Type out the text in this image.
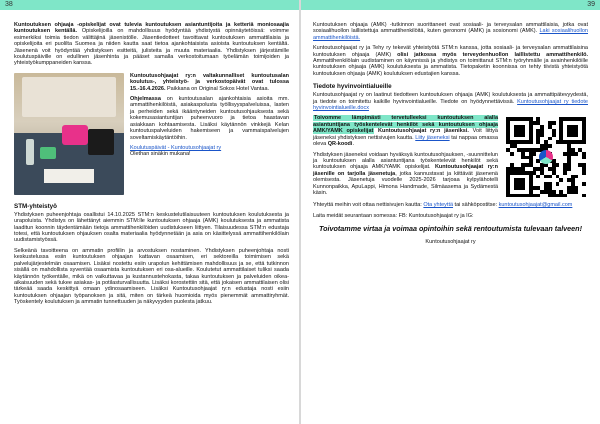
38

Kuntoutuksen ohjaaja -opiskelijat ovat tulevia kuntoutuksen asiantuntijoita ja ketteriä moniosaajia kuntoutuksen kentällä. Opiskelijoilla on mahdollisuus hyödyntää yhdistystä opinnäytetöissä: voimme esimerkiksi toimia tiedon välittäjinä jäsenistölle. Jäsentiedotteet tavoittavat kuntoutuksen ammattilaisia ja opiskelijoita eri puolilta Suomea ja niiden kautta saat tietoa ajankohtaisista asioista kuntoutuksen kentältä. Jäsenenä voit hyödyntää yhdistyksen esitteitä, julisteita ja muuta materiaalia. Yhdistyksen järjestämille koulutuspäiville on edullinen jäsenhinta ja pääset samalla verkostoitumaan työelämän toimijoiden ja yhteistyökumppaneiden kanssa.

Kuntoutusohjaajat ry:n valtakunnalliset kuntoutusalan koulutus-, yhteistyö- ja verkostopäivät ovat tulossa 15.-16.4.2026. Paikkana on Original Sokos Hotel Vantaa.

Ohjelmassa on kuntoutusalan ajankohtaisia asioita mm. ammattihenkilöistä, asiakaspolusta työllisyyspalveluissa, lasten ja perheiden sekä ikääntyneiden kuntoutusohjauksesta sekä kokemusasiantuntijan puheenvuoro ja tietoa haastavan asiakkaan kohtaamisesta. Lisäksi käytännön vinkkejä Kelan kuntoutuspalveluiden hakemiseen ja vammaispalvelujen soveltamiskäytäntöihin.

Koulutuspäivät - Kuntoutusohjaajat ry
Olethan sinäkin mukana!
STM-yhteistyö

Yhdistyksen puheenjohtaja osallistui 14.10.2025 STM:n keskustelutilaisuuteen kuntoutuksen koulutuksesta ja urapoluista. Yhdistys on lähettänyt aiemmin STM:lle kuntoutuksen ohjaaja (AMK) koulutuksesta ja ammatista laaditun koonnin täydentämään tietoja ammattihenkilöiden uudistukseen liittyen. Tilaisuudessa STM:n edustaja totesi, että kuntoutuksen ohjauksen osalta materiaalia hyödynnetään ja asia on käsittelyssä ammattihenkilölain uudistamistyössä.

Selkeänä tavoitteena on ammatin profiilin ja arvostuksen nostaminen. Yhdistyksen puheenjohtaja nosti keskustelussa esiin kuntoutuksen ohjaajan kattavan osaamisen, eri sektoreilla toimimisen sekä palvelujärjestelmän osaamisen. Lisäksi nostettu esiin urapolun kehittämisen mahdollisuus ja se, että tutkinnon sisällä on mahdollista syventää osaamista kuntoutuksen eri osa-alueille. Koulutetut ammattilaiset tuliksi saada käytännön työkentälle, mikä on vaikuttavaa ja kustannustehokasta, takaa kuntoutuksen ja palveluiden oikea-aikaisuuden sekä tukee asiakas- ja potilasturvallisuutta. Lisäksi korostettiin sitä, että jokaisen ammattilaisen olisi tärkeää saada keskittyä omaan ydinosaamiseen. Lisäksi Kuntoutusohjaajat ry:n edustaja nosti esiin kuntoutuksen ohjaajan työpanoksen ja sitä, miten on tärkeä huomioida myös pienemmät ammattiryhmät. Työskentely koulutuksen ja ammatin tunnettuuden ja näkyvyyden puolesta jatkuu.

39

Kuntoutuksen ohjaaja (AMK) -tutkinnon suorittaneet ovat sosiaali- ja terveysalan ammattilaisia, jotka ovat sosiaalihuollon laillistettuja ammattihenkilöitä, kuten geronomi (AMK) ja sosionomi (AMK). Laki sosiaalihuollon ammattihenkilöistä.

Kuntoutusohjaajat ry ja Tehy ry tekevät yhteistyötä STM:n kanssa, jotta sosiaali- ja terveysalan ammattilaisina kuntoutuksen ohjaaja (AMK) olisi jatkossa myös terveydenhuollon laillistettu ammattihenkilö. Ammattihenkilölain uudistaminen on käynnissä ja yhdistys on toimittanut STM:n työryhmälle ja avainhenkilöille kuntoutuksen ohjaaja (AMK) koulutuksesta ja ammatista. Tietopaketin koonnissa on tehty tiivistä yhteistyötä kuntoutuksen ohjaaja (AMK) koulutuksen edustajien kanssa.

Tiedote hyvinvointialueille

Kuntoutusohjaajat ry on laatinut tiedotteen kuntoutuksen ohjaaja (AMK) koulutuksesta ja ammattipätevyydestä, ja tiedote on toimitettu kaikille hyvinvointialueille. Tiedote on hyödynnettävissä. Kuntoutusohjaajat ry tiedote hyvinvointialueille.docx

Toivomme lämpimästi tervetulleeksi kuntoutuksen alalla asiantuntijana työskentelevät henkilöt sekä kuntoutuksen ohjaaja AMK/YAMK opiskelijat Kuntoutusohjaajat ry:n jäseniksi. Voit liittyä jäseneksi yhdistyksen nettisivujen kautta. Liity jäseneksi tai nappaa omassa oleva QR-koodi.

Yhdistyksen jäseneksi voidaan hyväksyä kuntoutusohjauksen, -suunnittelun ja kuntoutuksen alalla asiantuntijana työskentelevät henkilöt sekä kuntoutuksen ohjaaja AMK/YAMK opiskelijat. Kuntoutusohjaajat ry:n jäsenille on tarjolla jäsenetuja, jotka kannustavat ja kiittävät jäsenenä olemisesta. Jäsenetuja vuodelle 2025-2026 tarjoaa kylpylähotelli Kunnonpaikka, ApuLappi, Himona Handmade, Silmäasema ja Sydämestä käsin.

Yhteyttä meihin voit ottaa nettisivujen kautta: Ota yhteyttä tai sähköpostitse: kuntoutusohjaajat@gmail.com

Laita meidät seurantaan somessa: FB: Kuntoutusohjaajat ry ja IG:

Toivotamme virtaa ja voimaa opintoihin sekä rentoutumista tulevaan talveen!
Kuntoutusohjaajat ry
